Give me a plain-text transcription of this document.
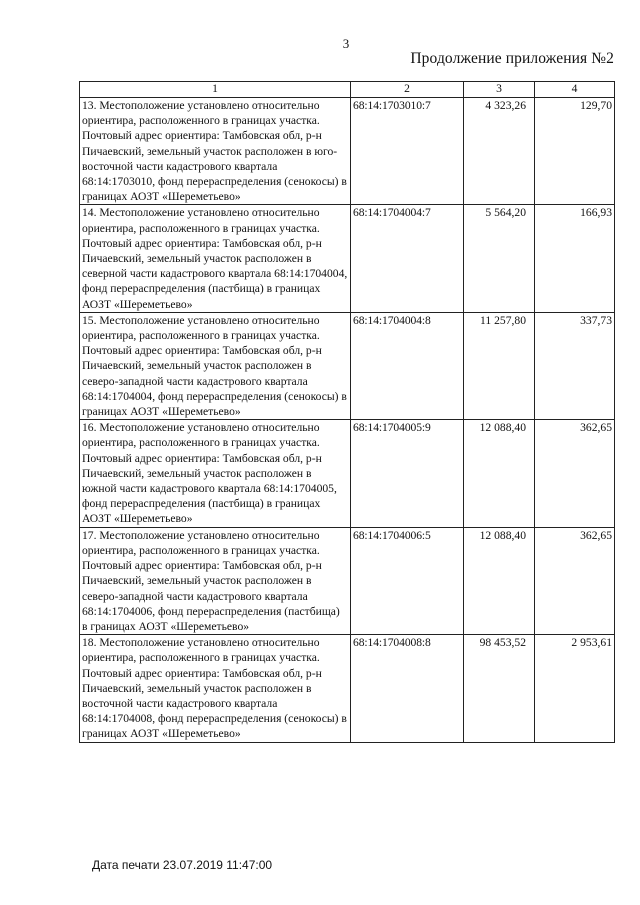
3
Продолжение приложения №2
1	2	3	4
13. Местоположение установлено относительно ориентира, расположенного в границах участка. Почтовый адрес ориентира: Тамбовская обл, р-н Пичаевский, земельный участок расположен в юго-восточной части кадастрового квартала 68:14:1703010, фонд перераспределения (сенокосы) в границах АОЗТ «Шереметьево»	68:14:1703010:7	4 323,26	129,70
14. Местоположение установлено относительно ориентира, расположенного в границах участка. Почтовый адрес ориентира: Тамбовская обл, р-н Пичаевский, земельный участок расположен в северной части кадастрового квартала 68:14:1704004, фонд перераспределения (пастбища) в границах АОЗТ «Шереметьево»	68:14:1704004:7	5 564,20	166,93
15. Местоположение установлено относительно ориентира, расположенного в границах участка. Почтовый адрес ориентира: Тамбовская обл, р-н Пичаевский, земельный участок расположен в северо-западной части кадастрового квартала 68:14:1704004, фонд перераспределения (сенокосы) в границах АОЗТ «Шереметьево»	68:14:1704004:8	11 257,80	337,73
16. Местоположение установлено относительно ориентира, расположенного в границах участка. Почтовый адрес ориентира: Тамбовская обл, р-н Пичаевский, земельный участок расположен в южной части кадастрового квартала 68:14:1704005, фонд перераспределения (пастбища) в границах АОЗТ «Шереметьево»	68:14:1704005:9	12 088,40	362,65
17. Местоположение установлено относительно ориентира, расположенного в границах участка. Почтовый адрес ориентира: Тамбовская обл, р-н Пичаевский, земельный участок расположен в северо-западной части кадастрового квартала 68:14:1704006, фонд перераспределения (пастбища) в границах АОЗТ «Шереметьево»	68:14:1704006:5	12 088,40	362,65
18. Местоположение установлено относительно ориентира, расположенного в границах участка. Почтовый адрес ориентира: Тамбовская обл, р-н Пичаевский, земельный участок расположен в восточной части кадастрового квартала 68:14:1704008, фонд перераспределения (сенокосы) в границах АОЗТ «Шереметьево»	68:14:1704008:8	98 453,52	2 953,61
Дата печати 23.07.2019 11:47:00
